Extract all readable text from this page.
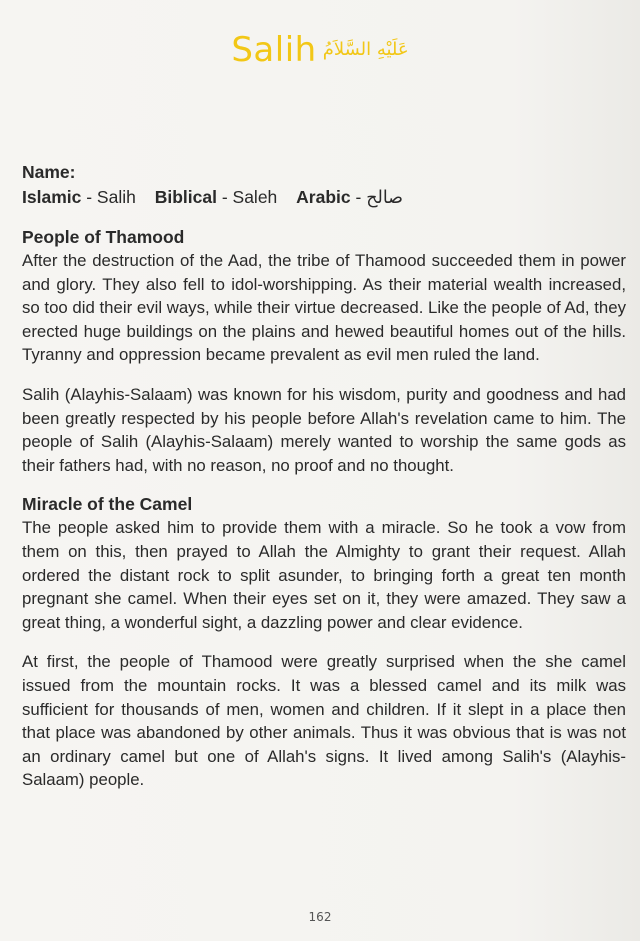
Salih عَلَيْهِ السَّلاَمُ
Name:
Islamic - Salih Biblical - Saleh Arabic - صالح
People of Thamood

After the destruction of the Aad, the tribe of Thamood succeeded them in power and glory. They also fell to idol-worshipping. As their material wealth increased, so too did their evil ways, while their virtue decreased. Like the people of Ad, they erected huge buildings on the plains and hewed beautiful homes out of the hills. Tyranny and oppression became prevalent as evil men ruled the land.

Salih (Alayhis-Salaam) was known for his wisdom, purity and goodness and had been greatly respected by his people before Allah's revelation came to him. The people of Salih (Alayhis-Salaam) merely wanted to worship the same gods as their fathers had, with no reason, no proof and no thought.

Miracle of the Camel

The people asked him to provide them with a miracle. So he took a vow from them on this, then prayed to Allah the Almighty to grant their request. Allah ordered the distant rock to split asunder, to bringing forth a great ten month pregnant she camel. When their eyes set on it, they were amazed. They saw a great thing, a wonderful sight, a dazzling power and clear evidence.

At first, the people of Thamood were greatly surprised when the she camel issued from the mountain rocks. It was a blessed camel and its milk was sufficient for thousands of men, women and children. If it slept in a place then that place was abandoned by other animals. Thus it was obvious that is was not an ordinary camel but one of Allah's signs. It lived among Salih's (Alayhis-Salaam) people.

162
